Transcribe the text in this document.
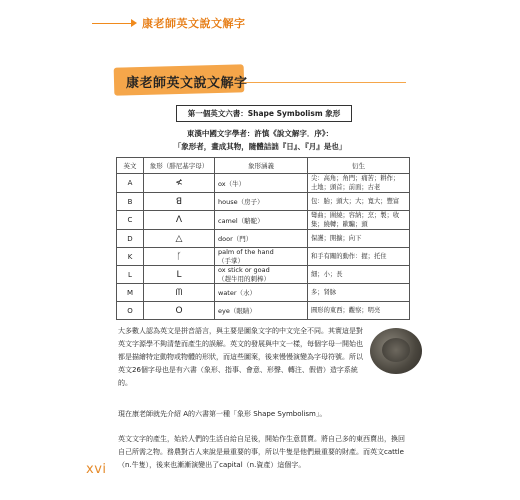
康老師英文說文解字
康老師英文說文解字
第一個英文六書：Shape Symbolism 象形
東漢中國文字學者：許慎《說文解字．序》：
「象形者，畫成其物，隨體詰詘『日』、『月』是也」
英文	象形（腓尼基字母）	象形涵義	衍生
A	≮	ox（牛）	尖：高角；角門；痛苦；耕作；
土地；頭首；前面；古老
B	ꓭ	house（房子）	包：胎；頭大；大；寬大；豐富
C	ᐱ	camel（駱駝）	彎曲；圍繞；容納；烹；製；收
集；繞轉；歐騙；頭
D	△	door（門）	保護；開擴；向下
K	ᚴ	palm of the hand
（手掌）	和手有關的動作：握；托住
L	ᒪ	ox stick or goad
（趕牛用的刺棒）	細；小；長
M	ᗰ	water（水）	多；肾脉
O	O	eye（眼睛）	圓形的東西；觀察；明亮
大多數人認為英文是拼音語言，與主要是圖象文字的中文完全不同。其實這是對英文字源學不夠清楚而產生的誤解。英文的發展與中文一樣，每個字母一開始也都是描繪特定動物或物體的形狀，而這些圖案，後來慢慢演變為字母符號。所以英文26個字母也是有六書（象形、指事、會意、形聲、轉注、假借）造字系統的。
現在康老師就先介紹 A的六書第一種「象形 Shape Symbolism」。
英文文字的產生，始於人們的生活自給自足後，開始作生意買賣。將自己多的東西賣出，換回自己所需之物。務農對古人來說是最重要的事，所以牛隻是他們最重要的財產。而英文cattle（n.牛隻），後來也漸漸演變出了capital（n.資產）這個字。
xvi
